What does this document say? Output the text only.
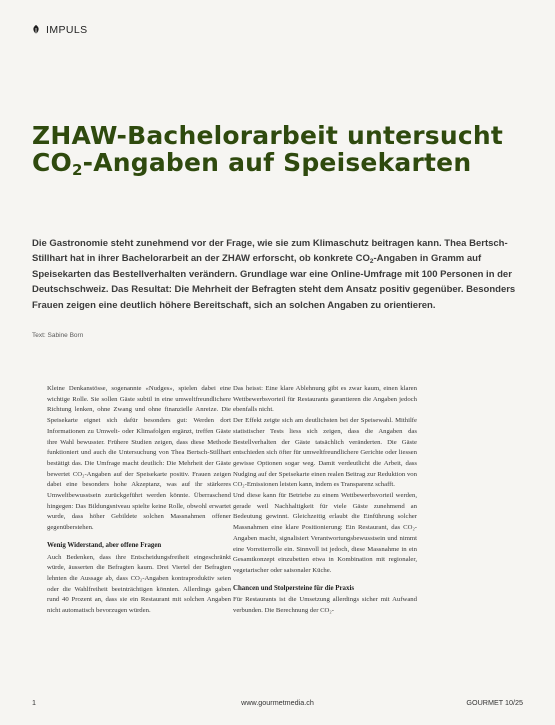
IMPULS
ZHAW-Bachelorarbeit untersucht $CO_2$-Angaben auf Speisekarten

Die Gastronomie steht zunehmend vor der Frage, wie sie zum Klimaschutz beitragen kann. Thea Bertsch-Stillhart hat in ihrer Bachelorarbeit an der ZHAW erforscht, ob konkrete $CO_2$-Angaben in Gramm auf Speisekarten das Bestellverhalten verändern. Grundlage war eine Online-Umfrage mit 100 Personen in der Deutschschweiz. Das Resultat: Die Mehrheit der Befragten steht dem Ansatz positiv gegenüber. Besonders Frauen zeigen eine deutlich höhere Bereitschaft, sich an solchen Angaben zu orientieren.

Text: Sabine Born

Kleine Denkanstösse, sogenannte «Nudges», spielen dabei eine wichtige Rolle. Sie sollen Gäste subtil in eine umweltfreundlichere Richtung lenken, ohne Zwang und ohne finanzielle Anreize. Die Speisekarte eignet sich dafür besonders gut: Werden dort Informationen zu Umwelt- oder Klimafolgen ergänzt, treffen Gäste ihre Wahl bewusster. Frühere Studien zeigen, dass diese Methode funktioniert und auch die Untersuchung von Thea Bertsch-Stillhart bestätigt das. Die Umfrage macht deutlich: Die Mehrheit der Gäste bewertet CO₂-Angaben auf der Speisekarte positiv. Frauen zeigen dabei eine besonders hohe Akzeptanz, was auf ihr stärkeres Umweltbewusstsein zurückgeführt werden könnte. Überraschend hingegen: Das Bildungsniveau spielte keine Rolle, obwohl erwartet wurde, dass höher Gebildete solchen Massnahmen offener gegenüberstehen.

Wenig Widerstand, aber offene Fragen

Auch Bedenken, dass ihre Entscheidungsfreiheit eingeschränkt würde, äusserten die Befragten kaum. Drei Viertel der Befragten lehnten die Aussage ab, dass CO₂-Angaben kontraproduktiv seien oder die Wahlfreiheit beeinträchtigen könnten. Allerdings gaben rund 40 Prozent an, dass sie ein Restaurant mit solchen Angaben nicht automatisch bevorzugen würden.

Das heisst: Eine klare Ablehnung gibt es zwar kaum, einen klaren Wettbewerbsvorteil für Restaurants garantieren die Angaben jedoch ebenfalls nicht.

Der Effekt zeigte sich am deutlichsten bei der Speisewahl. Mithilfe statistischer Tests liess sich zeigen, dass die Angaben das Bestellverhalten der Gäste tatsächlich veränderten. Die Gäste entschieden sich öfter für umweltfreundlichere Gerichte oder liessen gewisse Optionen sogar weg. Damit verdeutlicht die Arbeit, dass Nudging auf der Speisekarte einen realen Beitrag zur Reduktion von CO₂-Emissionen leisten kann, indem es Transparenz schafft.

Und diese kann für Betriebe zu einem Wettbewerbsvorteil werden, gerade weil Nachhaltigkeit für viele Gäste zunehmend an Bedeutung gewinnt. Gleichzeitig erlaubt die Einführung solcher Massnahmen eine klare Positionierung: Ein Restaurant, das CO₂-Angaben macht, signalisiert Verantwortungsbewusstsein und nimmt eine Vorreiterrolle ein. Sinnvoll ist jedoch, diese Massnahme in ein Gesamtkonzept einzubetten etwa in Kombination mit regionaler, vegetarischer oder saisonaler Küche.

Chancen und Stolpersteine für die Praxis

Für Restaurants ist die Umsetzung allerdings sicher mit Aufwand verbunden. Die Berechnung der CO₂-

1	www.gourmetmedia.ch	GOURMET 10/25
